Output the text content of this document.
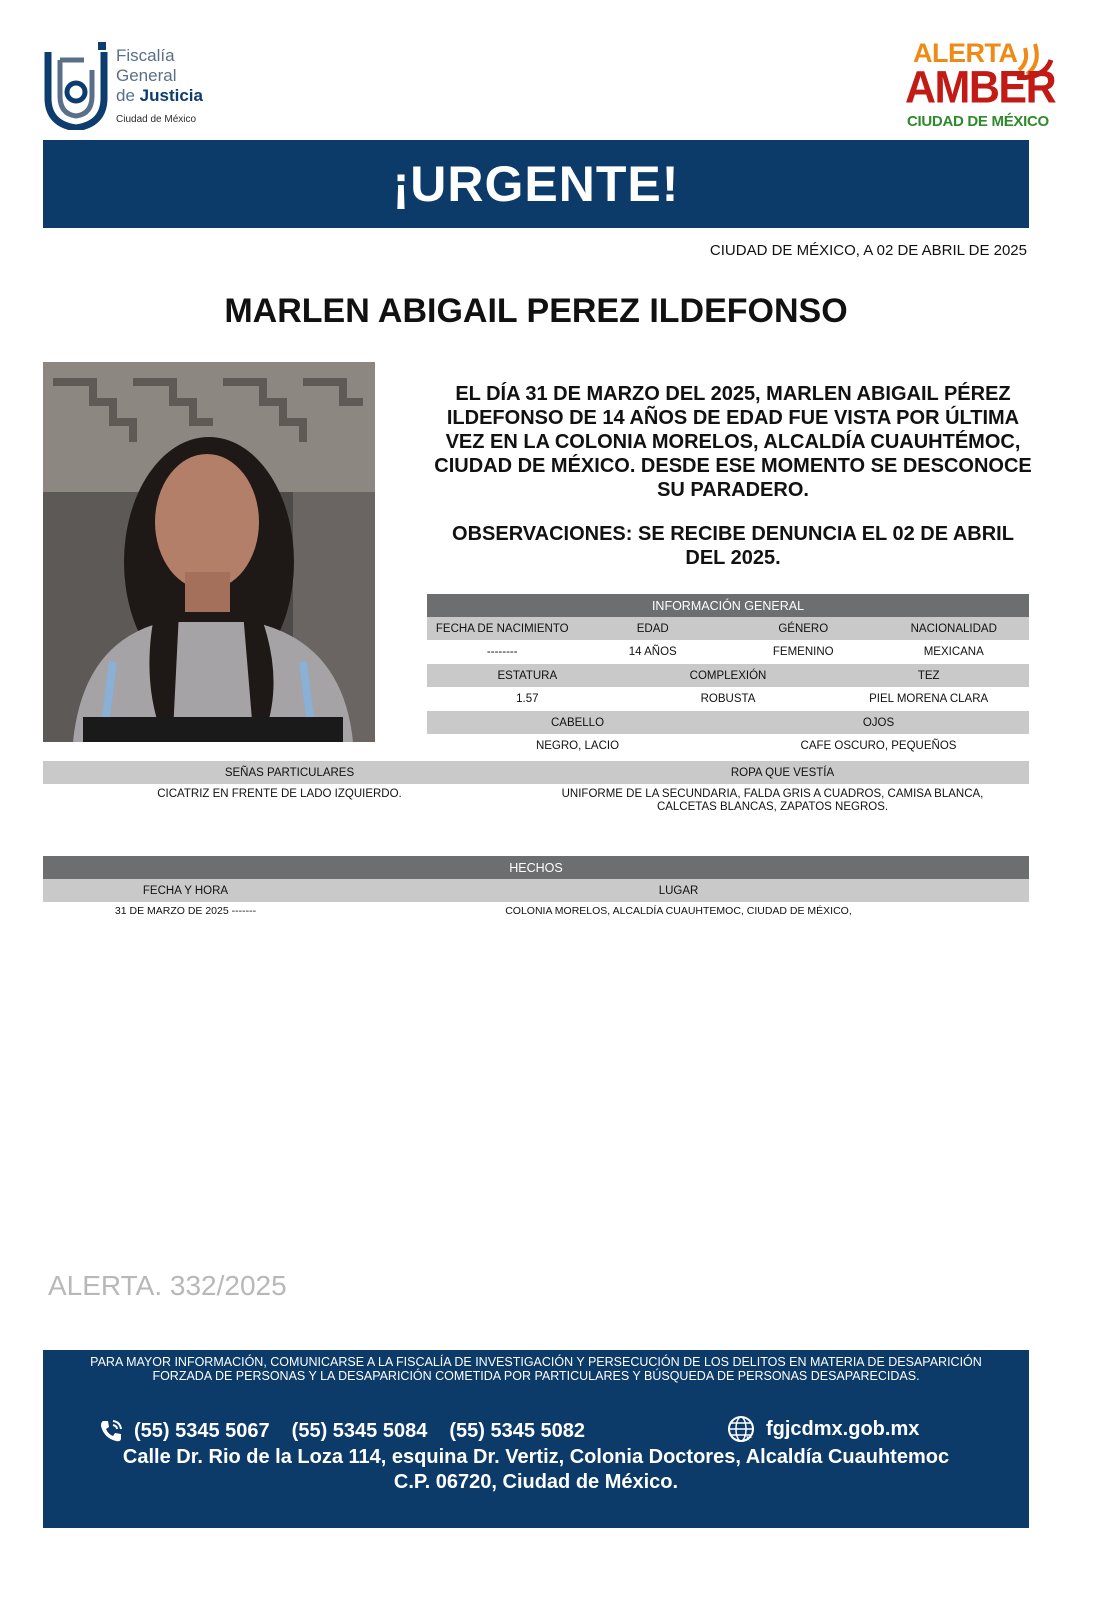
Fiscalía
General
de Justicia
Ciudad de México
ALERTA
AMBER
CIUDAD DE MÉXICO
¡URGENTE!
CIUDAD DE MÉXICO, A 02 DE ABRIL DE 2025
MARLEN ABIGAIL PEREZ ILDEFONSO
EL DÍA 31 DE MARZO DEL 2025, MARLEN ABIGAIL PÉREZ ILDEFONSO DE 14 AÑOS DE EDAD FUE VISTA POR ÚLTIMA VEZ EN LA COLONIA MORELOS, ALCALDÍA CUAUHTÉMOC, CIUDAD DE MÉXICO. DESDE ESE MOMENTO SE DESCONOCE SU PARADERO.
OBSERVACIONES: SE RECIBE DENUNCIA EL 02 DE ABRIL DEL 2025.
INFORMACIÓN GENERAL
FECHA DE NACIMIENTO	EDAD	GÉNERO	NACIONALIDAD
--------	14 AÑOS	FEMENINO	MEXICANA
ESTATURA	COMPLEXIÓN	TEZ
1.57	ROBUSTA	PIEL MORENA CLARA
CABELLO	OJOS
NEGRO, LACIO	CAFE OSCURO, PEQUEÑOS
SEÑAS PARTICULARES	ROPA QUE VESTÍA
CICATRIZ EN FRENTE DE LADO IZQUIERDO.	UNIFORME DE LA SECUNDARIA, FALDA GRIS A CUADROS, CAMISA BLANCA, CALCETAS BLANCAS, ZAPATOS NEGROS.
HECHOS
FECHA Y HORA	LUGAR
31 DE MARZO DE 2025 -------	COLONIA MORELOS, ALCALDÍA CUAUHTEMOC, CIUDAD DE MÉXICO,
ALERTA. 332/2025
PARA MAYOR INFORMACIÓN, COMUNICARSE A LA FISCALÍA DE INVESTIGACIÓN Y PERSECUCIÓN DE LOS DELITOS EN MATERIA DE DESAPARICIÓN FORZADA DE PERSONAS Y LA DESAPARICIÓN COMETIDA POR PARTICULARES Y BÚSQUEDA DE PERSONAS DESAPARECIDAS.
(55) 5345 5067 (55) 5345 5084 (55) 5345 5082	fgjcdmx.gob.mx
Calle Dr. Rio de la Loza 114, esquina Dr. Vertiz, Colonia Doctores, Alcaldía Cuauhtemoc
C.P. 06720, Ciudad de México.
